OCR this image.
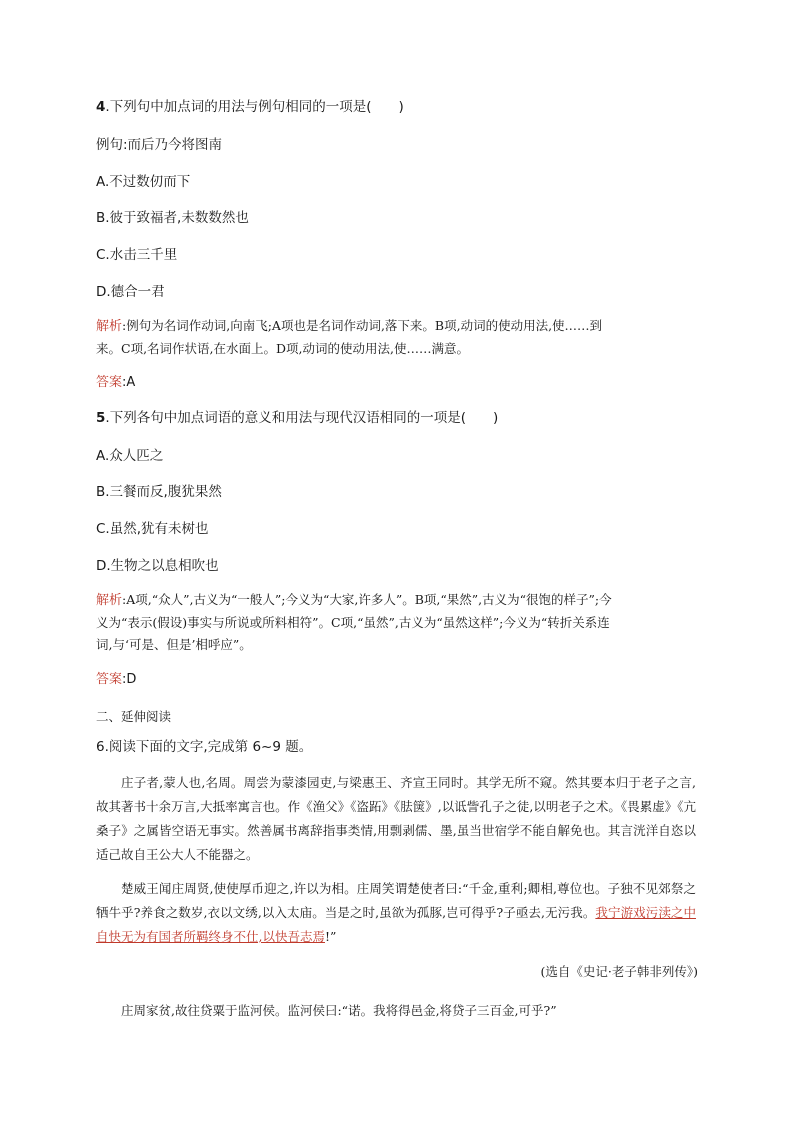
4.下列句中加点词的用法与例句相同的一项是(　　)
例句:而后乃今将图南
A.不过数仞而下
B.彼于致福者,未数数然也
C.水击三千里
D.德合一君
解析:例句为名词作动词,向南飞;A项也是名词作动词,落下来。B项,动词的使动用法,使……到
来。C项,名词作状语,在水面上。D项,动词的使动用法,使……满意。
答案:A
5.下列各句中加点词语的意义和用法与现代汉语相同的一项是(　　)
A.众人匹之
B.三餐而反,腹犹果然
C.虽然,犹有未树也
D.生物之以息相吹也
解析:A项,“众人”,古义为“一般人”;今义为“大家,许多人”。B项,“果然”,古义为“很饱的样子”;今
义为“表示(假设)事实与所说或所料相符”。C项,“虽然”,古义为“虽然这样”;今义为“转折关系连
词,与‘可是、但是’相呼应”。
答案:D
二、延伸阅读
6.阅读下面的文字,完成第 6~9 题。
庄子者,蒙人也,名周。周尝为蒙漆园吏,与梁惠王、齐宣王同时。其学无所不窥。然其要本归于老子之言,故其著书十余万言,大抵率寓言也。作《渔父》《盗跖》《胠箧》,以诋訾孔子之徒,以明老子之术。《畏累虚》《亢桑子》之属皆空语无事实。然善属书离辞指事类情,用剽剥儒、墨,虽当世宿学不能自解免也。其言洸洋自恣以适己故自王公大人不能器之。
楚威王闻庄周贤,使使厚币迎之,许以为相。庄周笑谓楚使者曰:“千金,重利;卿相,尊位也。子独不见郊祭之牺牛乎?养食之数岁,衣以文绣,以入太庙。当是之时,虽欲为孤豚,岂可得乎?子亟去,无污我。我宁游戏污渎之中自快无为有国者所羁终身不仕,以快吾志焉!”
(选自《史记·老子韩非列传》)
庄周家贫,故往贷粟于监河侯。监河侯曰:“诺。我将得邑金,将贷子三百金,可乎?”
